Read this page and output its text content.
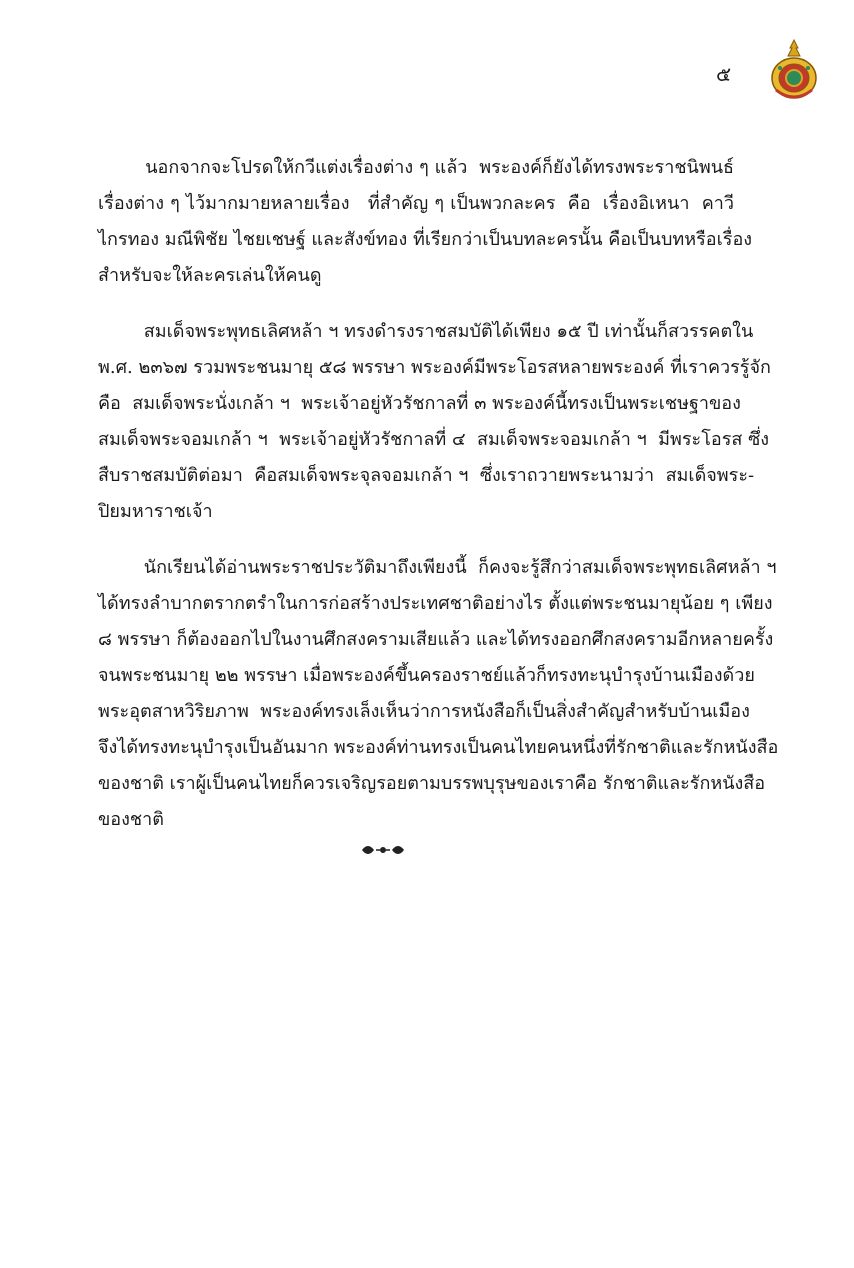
๕
นอกจากจะโปรดให้กวีแต่งเรื่องต่าง ๆ แล้ว  พระองค์ก็ยังได้ทรงพระราชนิพนธ์
เรื่องต่าง ๆ ไว้มากมายหลายเรื่อง   ที่สำคัญ ๆ เป็นพวกละคร  คือ  เรื่องอิเหนา  คาวี
ไกรทอง มณีพิชัย ไชยเชษฐ์ และสังข์ทอง ที่เรียกว่าเป็นบทละครนั้น คือเป็นบทหรือเรื่อง
สำหรับจะให้ละครเล่นให้คนดู
สมเด็จพระพุทธเลิศหล้า ฯ ทรงดำรงราชสมบัติได้เพียง ๑๕ ปี เท่านั้นก็สวรรคตใน
พ.ศ. ๒๓๖๗ รวมพระชนมายุ ๕๘ พรรษา พระองค์มีพระโอรสหลายพระองค์ ที่เราควรรู้จัก
คือ  สมเด็จพระนั่งเกล้า ฯ  พระเจ้าอยู่หัวรัชกาลที่ ๓ พระองค์นี้ทรงเป็นพระเชษฐาของ
สมเด็จพระจอมเกล้า ฯ  พระเจ้าอยู่หัวรัชกาลที่ ๔  สมเด็จพระจอมเกล้า ฯ  มีพระโอรส ซึ่ง
สืบราชสมบัติต่อมา  คือสมเด็จพระจุลจอมเกล้า ฯ  ซึ่งเราถวายพระนามว่า  สมเด็จพระ-
ปิยมหาราชเจ้า
นักเรียนได้อ่านพระราชประวัติมาถึงเพียงนี้  ก็คงจะรู้สึกว่าสมเด็จพระพุทธเลิศหล้า ฯ
ได้ทรงลำบากตรากตรำในการก่อสร้างประเทศชาติอย่างไร ตั้งแต่พระชนมายุน้อย ๆ เพียง
๘ พรรษา ก็ต้องออกไปในงานศึกสงครามเสียแล้ว และได้ทรงออกศึกสงครามอีกหลายครั้ง
จนพระชนมายุ ๒๒ พรรษา เมื่อพระองค์ขึ้นครองราชย์แล้วก็ทรงทะนุบำรุงบ้านเมืองด้วย
พระอุตสาหวิริยภาพ  พระองค์ทรงเล็งเห็นว่าการหนังสือก็เป็นสิ่งสำคัญสำหรับบ้านเมือง
จึงได้ทรงทะนุบำรุงเป็นอันมาก พระองค์ท่านทรงเป็นคนไทยคนหนึ่งที่รักชาติและรักหนังสือ
ของชาติ เราผู้เป็นคนไทยก็ควรเจริญรอยตามบรรพบุรุษของเราคือ รักชาติและรักหนังสือ
ของชาติ
